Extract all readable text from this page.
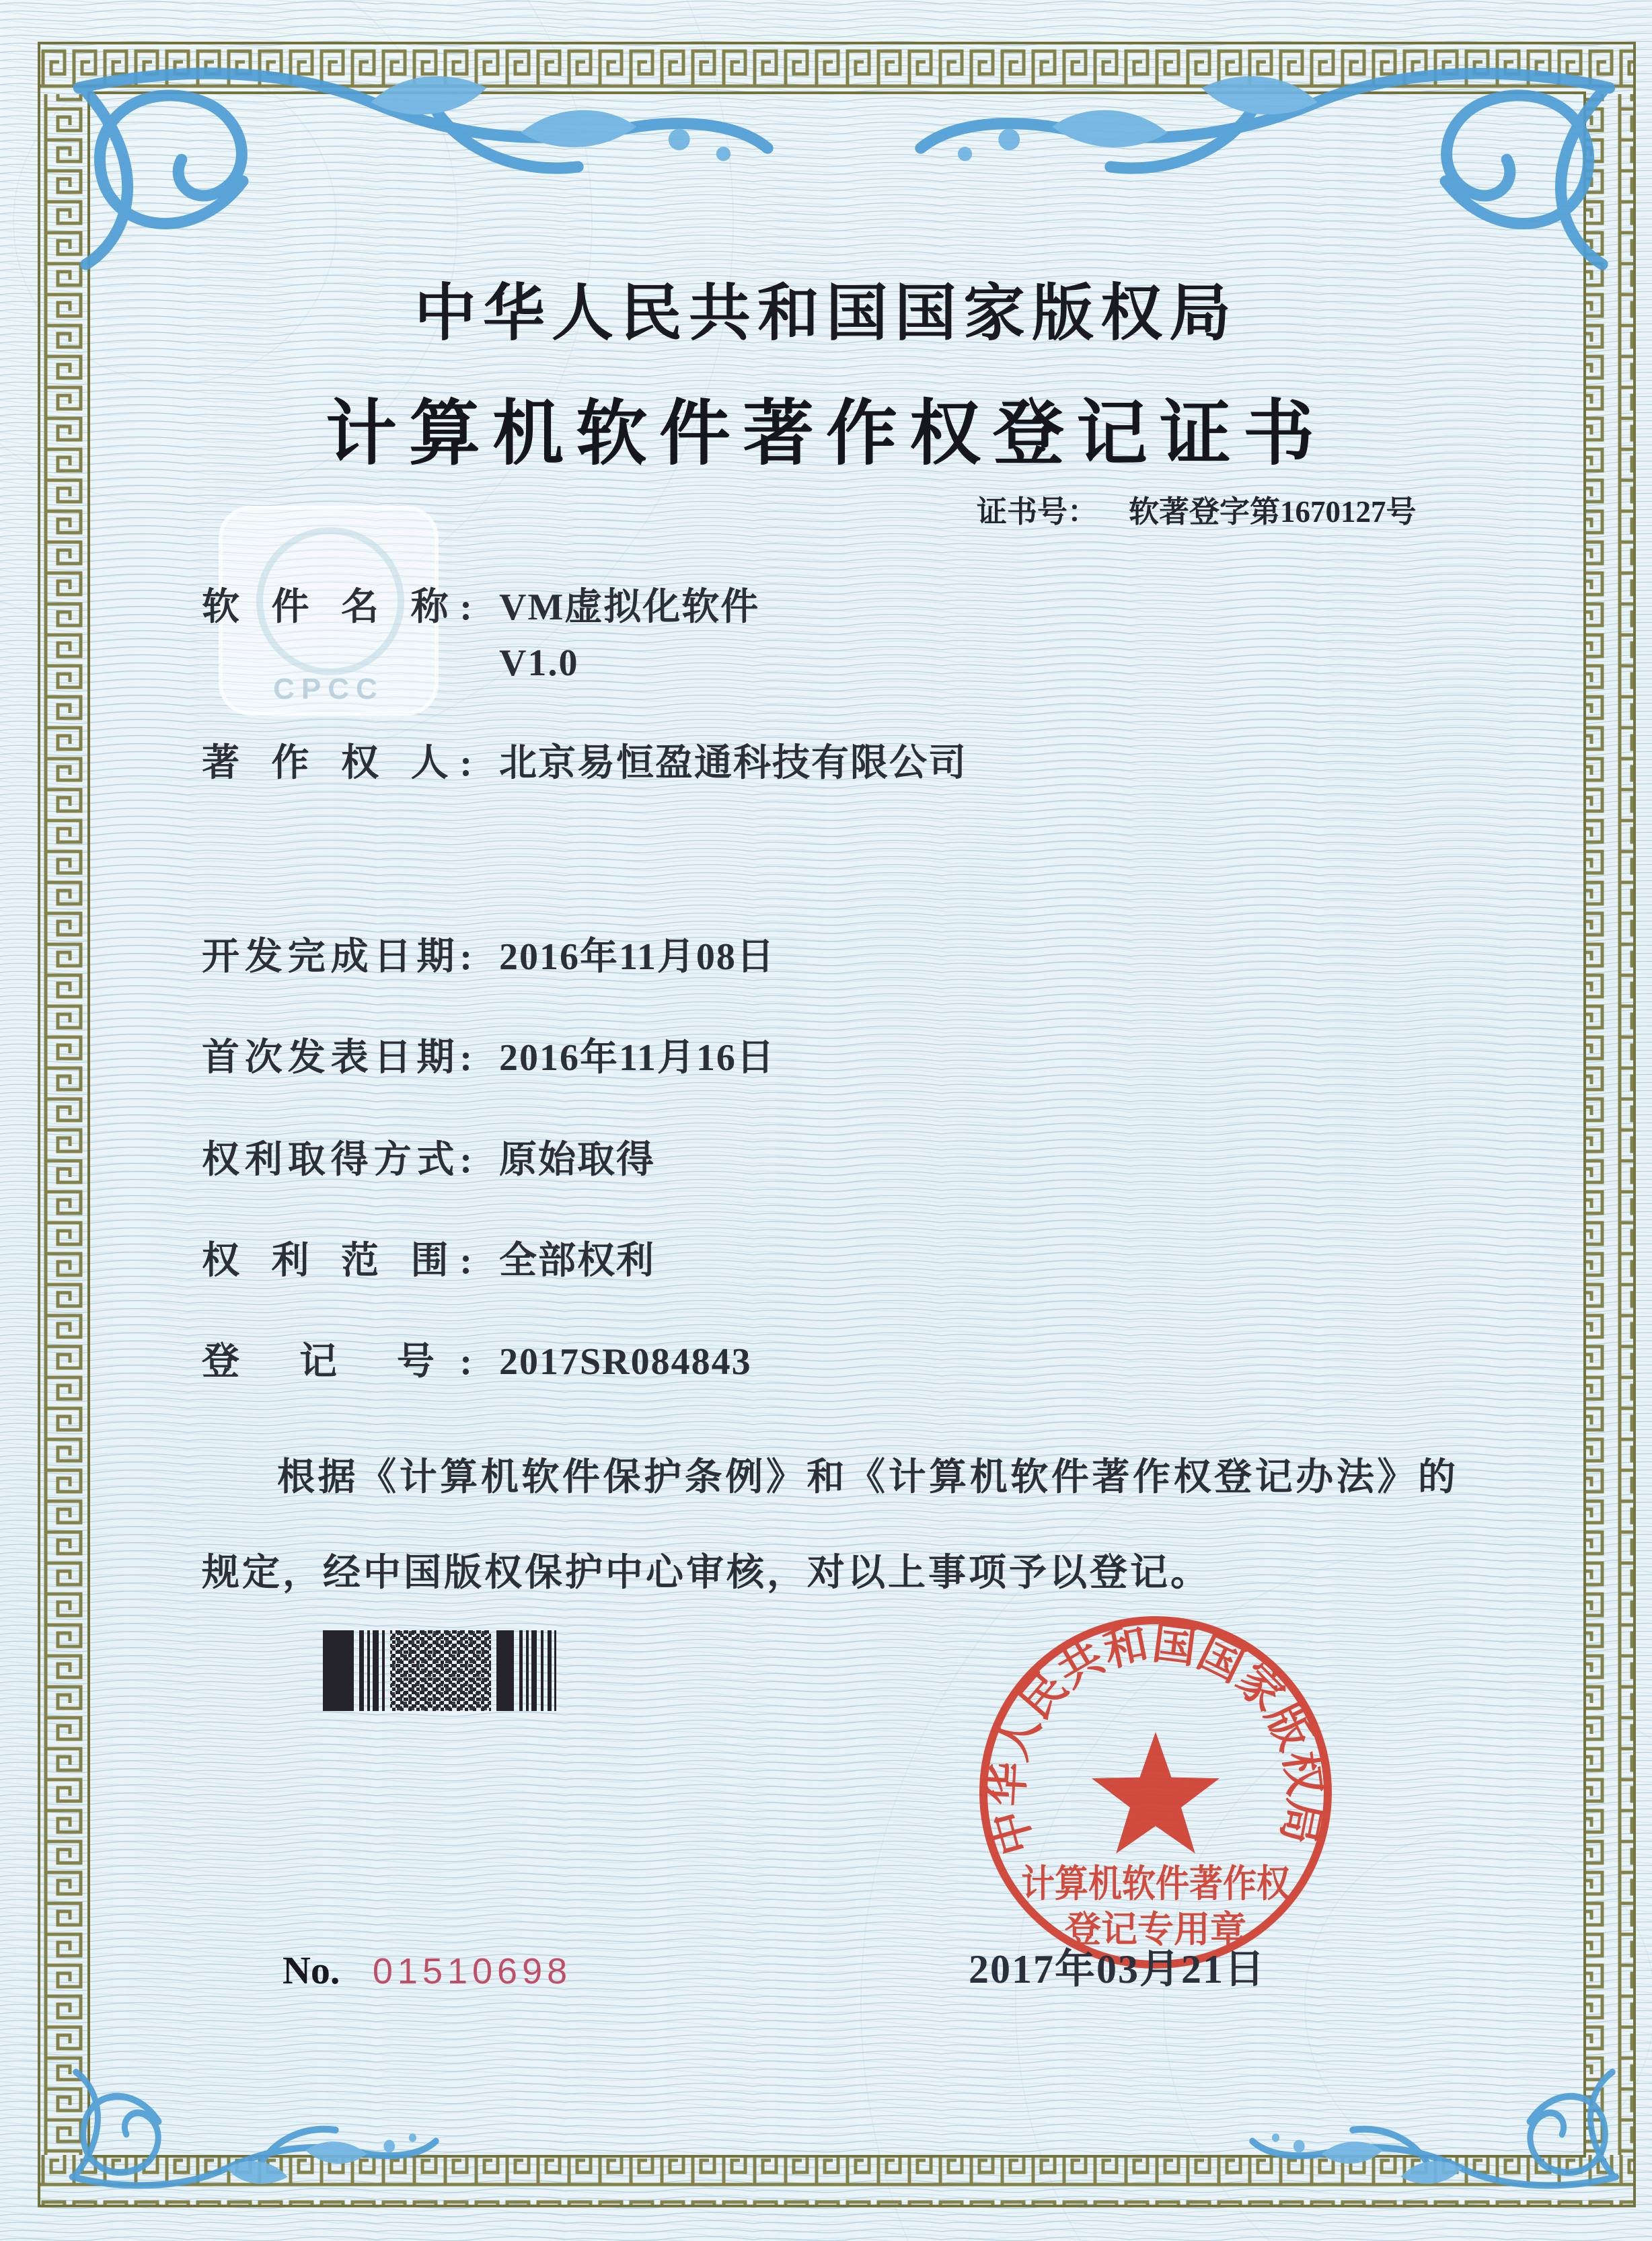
CPCC
中华人民共和国国家版权局
计算机软件著作权登记证书
证书号： 软著登字第1670127号
软 件 名 称: VM虚拟化软件
V1.0
著 作 权 人: 北京易恒盈通科技有限公司
开发完成日期: 2016年11月08日
首次发表日期: 2016年11月16日
权利取得方式: 原始取得
权 利 范 围: 全部权利
登 记 号: 2017SR084843
根据《计算机软件保护条例》和《计算机软件著作权登记办法》的规定，经中国版权保护中心审核，对以上事项予以登记。
中华人民共和国国家版权局
计算机软件著作权
登记专用章
2017年03月21日
No. 01510698
